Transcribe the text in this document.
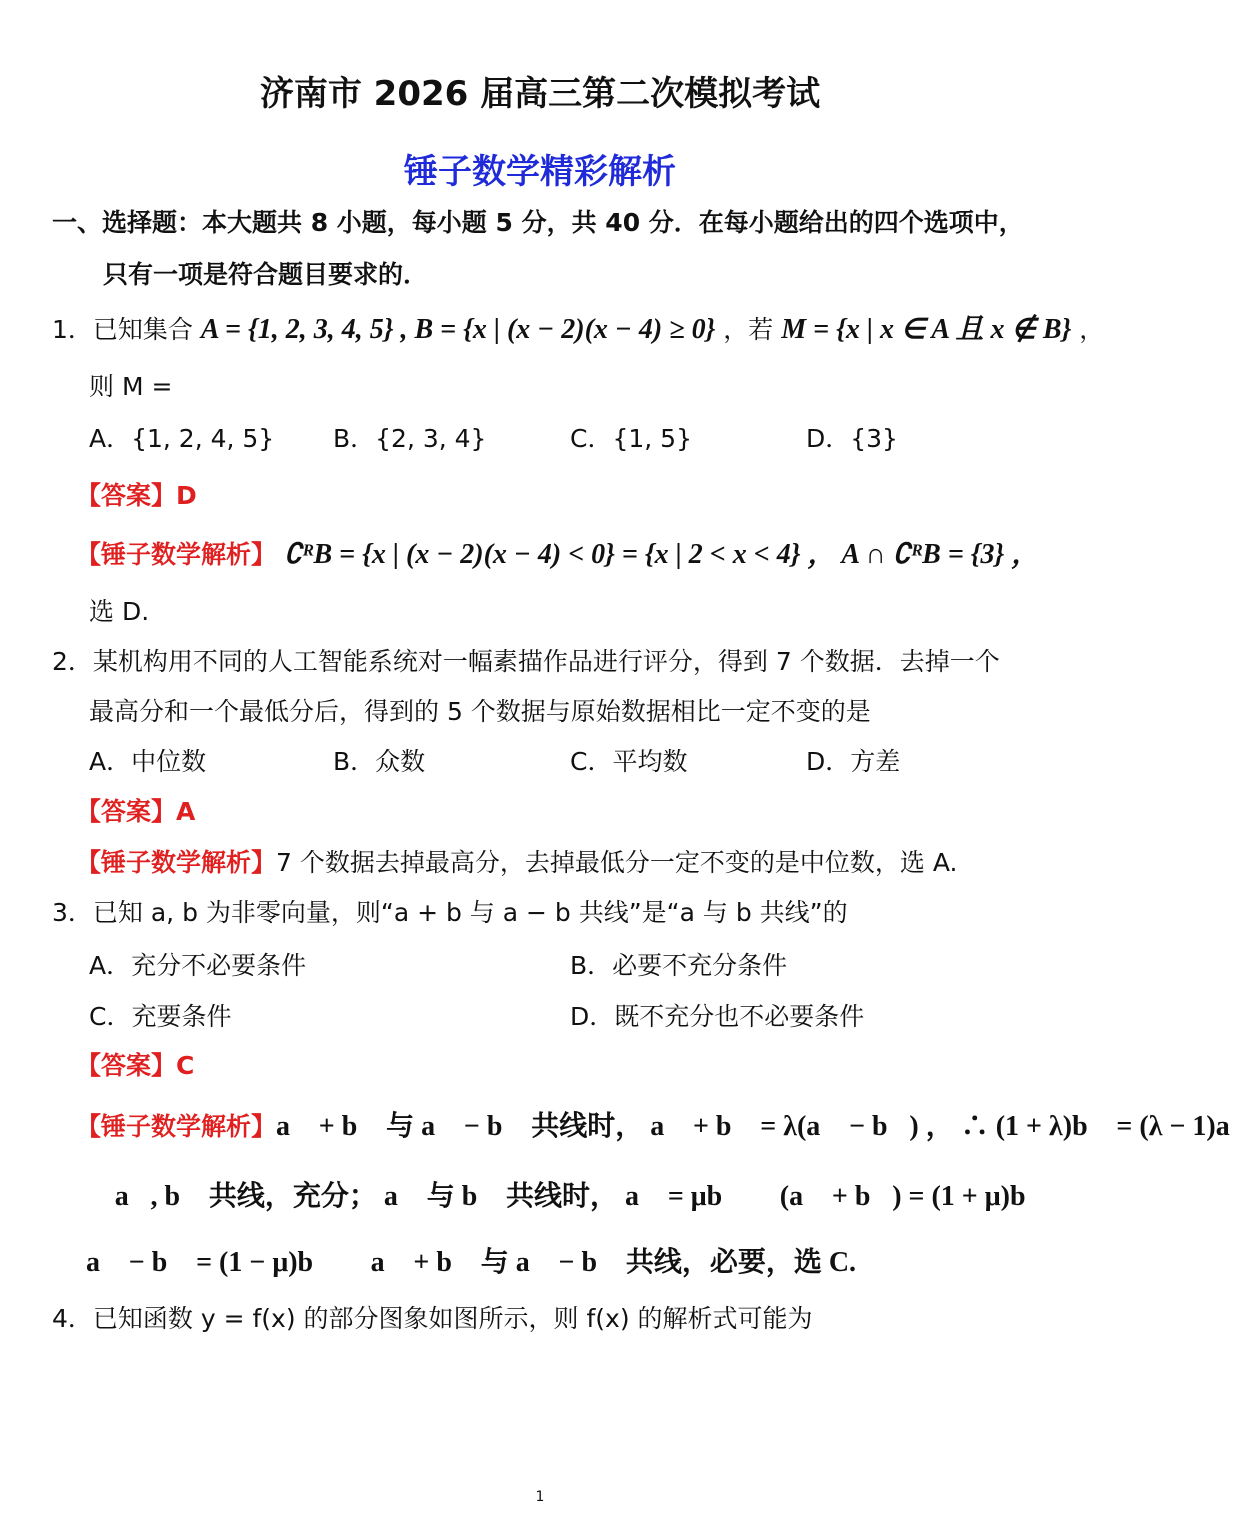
济南市 2026 届高三第二次模拟考试
锤子数学精彩解析
一、选择题：本大题共 8 小题，每小题 5 分，共 40 分．在每小题给出的四个选项中，
只有一项是符合题目要求的．
1．已知集合 A = {1, 2, 3, 4, 5} , B = {x | (x − 2)(x − 4) ≥ 0} ，若 M = {x | x ∈ A 且 x ∉ B} ，
则 M =
A．{1, 2, 4, 5} B．{2, 3, 4}	C．{1, 5}	D．{3}
【答案】D
【锤子数学解析】 ∁ᴿB = {x | (x − 2)(x − 4) < 0} = {x | 2 < x < 4} ， A ∩ ∁ᴿB = {3} ，
选 D.
2．某机构用不同的人工智能系统对一幅素描作品进行评分，得到 7 个数据．去掉一个
最高分和一个最低分后，得到的 5 个数据与原始数据相比一定不变的是
A．中位数	B．众数	C．平均数	D．方差
【答案】A
【锤子数学解析】7 个数据去掉最高分，去掉最低分一定不变的是中位数，选 A.
3．已知 a, b 为非零向量，则“a + b 与 a − b 共线”是“a 与 b 共线”的
A．充分不必要条件	B．必要不充分条件
C．充要条件	D．既不充分也不必要条件
【答案】C
【锤子数学解析】a⃗ + b⃗ 与 a⃗ − b⃗ 共线时， a⃗ + b⃗ = λ(a⃗ − b⃗) ， ∴ (1 + λ)b⃗ = (λ − 1)a⃗
∴ a⃗, b⃗ 共线，充分； a⃗ 与 b⃗ 共线时， a⃗ = μb⃗ ， (a⃗ + b⃗) = (1 + μ)b⃗
a⃗ − b⃗ = (1 − μ)b⃗ ， a⃗ + b⃗ 与 a⃗ − b⃗ 共线，必要，选 C.
4．已知函数 y = f(x) 的部分图象如图所示，则 f(x) 的解析式可能为
1
